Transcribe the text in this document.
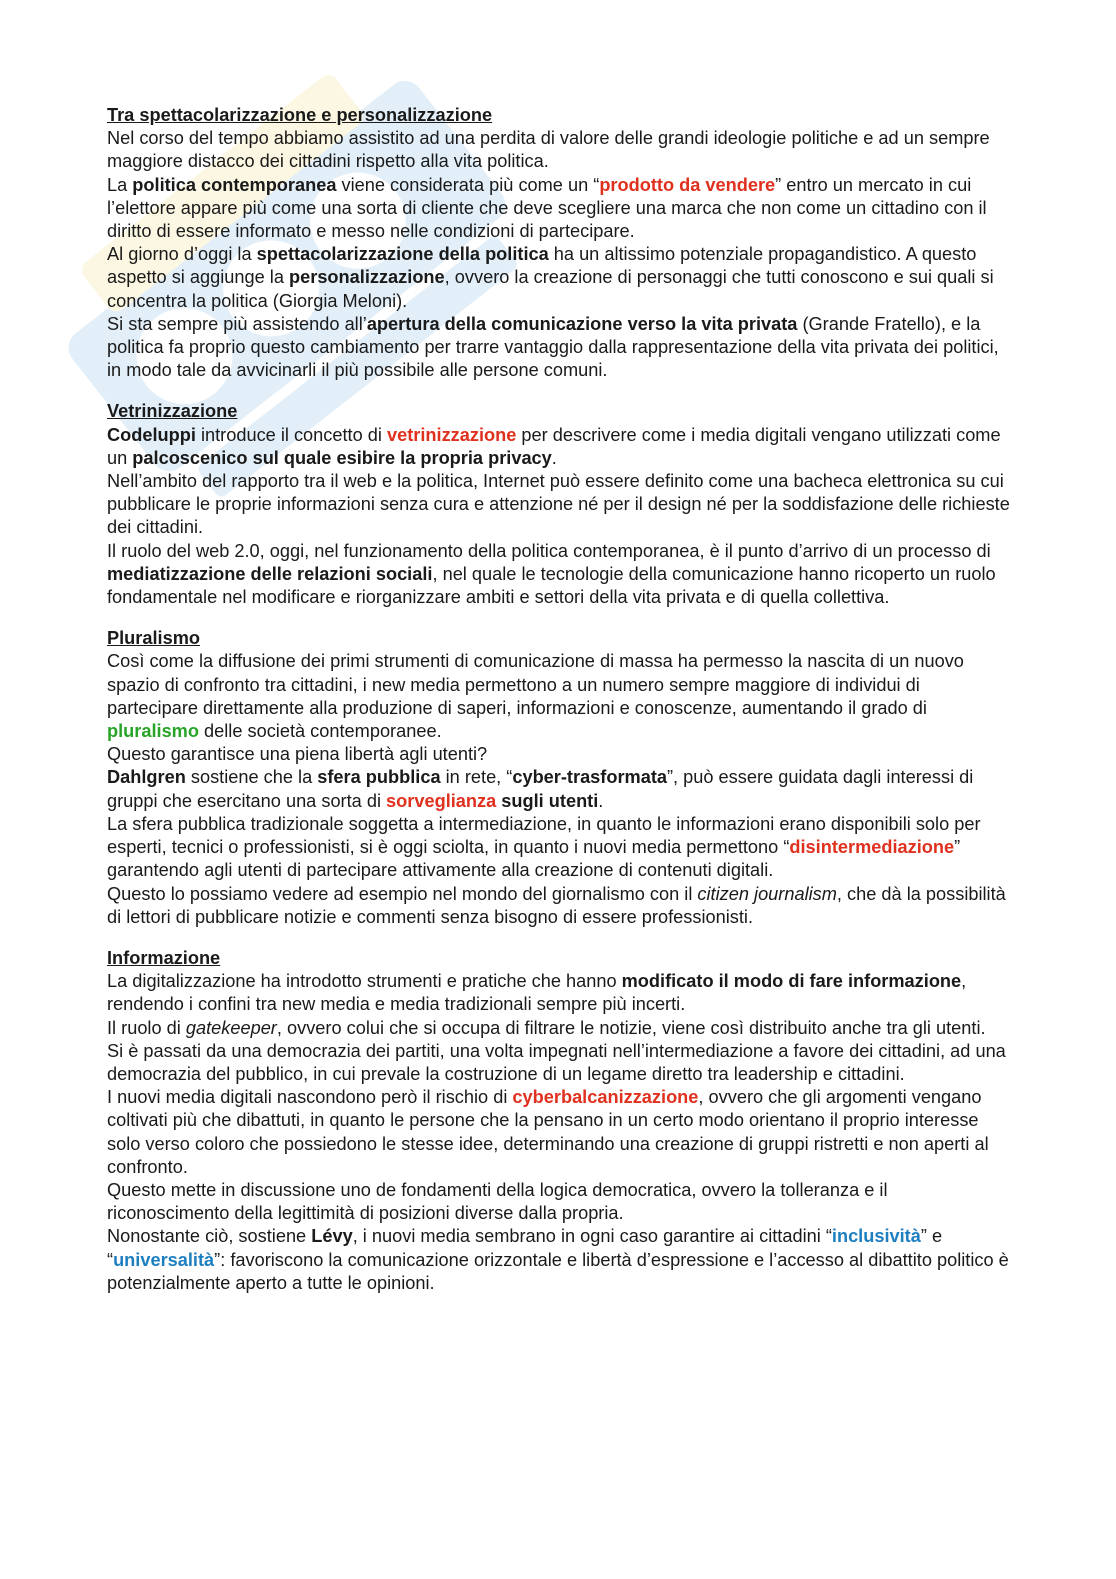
Tra spettacolarizzazione e personalizzazione
Nel corso del tempo abbiamo assistito ad una perdita di valore delle grandi ideologie politiche e ad un sempre maggiore distacco dei cittadini rispetto alla vita politica.
La politica contemporanea viene considerata più come un “prodotto da vendere” entro un mercato in cui l’elettore appare più come una sorta di cliente che deve scegliere una marca che non come un cittadino con il diritto di essere informato e messo nelle condizioni di partecipare.
Al giorno d’oggi la spettacolarizzazione della politica ha un altissimo potenziale propagandistico. A questo aspetto si aggiunge la personalizzazione, ovvero la creazione di personaggi che tutti conoscono e sui quali si concentra la politica (Giorgia Meloni).
Si sta sempre più assistendo all’apertura della comunicazione verso la vita privata (Grande Fratello), e la politica fa proprio questo cambiamento per trarre vantaggio dalla rappresentazione della vita privata dei politici, in modo tale da avvicinarli il più possibile alle persone comuni.
Vetrinizzazione
Codeluppi introduce il concetto di vetrinizzazione per descrivere come i media digitali vengano utilizzati come un palcoscenico sul quale esibire la propria privacy.
Nell’ambito del rapporto tra il web e la politica, Internet può essere definito come una bacheca elettronica su cui pubblicare le proprie informazioni senza cura e attenzione né per il design né per la soddisfazione delle richieste dei cittadini.
Il ruolo del web 2.0, oggi, nel funzionamento della politica contemporanea, è il punto d’arrivo di un processo di mediatizzazione delle relazioni sociali, nel quale le tecnologie della comunicazione hanno ricoperto un ruolo fondamentale nel modificare e riorganizzare ambiti e settori della vita privata e di quella collettiva.
Pluralismo
Così come la diffusione dei primi strumenti di comunicazione di massa ha permesso la nascita di un nuovo spazio di confronto tra cittadini, i new media permettono a un numero sempre maggiore di individui di partecipare direttamente alla produzione di saperi, informazioni e conoscenze, aumentando il grado di pluralismo delle società contemporanee.
Questo garantisce una piena libertà agli utenti?
Dahlgren sostiene che la sfera pubblica in rete, “cyber-trasformata”, può essere guidata dagli interessi di gruppi che esercitano una sorta di sorveglianza sugli utenti.
La sfera pubblica tradizionale soggetta a intermediazione, in quanto le informazioni erano disponibili solo per esperti, tecnici o professionisti, si è oggi sciolta, in quanto i nuovi media permettono “disintermediazione” garantendo agli utenti di partecipare attivamente alla creazione di contenuti digitali.
Questo lo possiamo vedere ad esempio nel mondo del giornalismo con il citizen journalism, che dà la possibilità di lettori di pubblicare notizie e commenti senza bisogno di essere professionisti.
Informazione
La digitalizzazione ha introdotto strumenti e pratiche che hanno modificato il modo di fare informazione, rendendo i confini tra new media e media tradizionali sempre più incerti.
Il ruolo di gatekeeper, ovvero colui che si occupa di filtrare le notizie, viene così distribuito anche tra gli utenti.
Si è passati da una democrazia dei partiti, una volta impegnati nell’intermediazione a favore dei cittadini, ad una democrazia del pubblico, in cui prevale la costruzione di un legame diretto tra leadership e cittadini.
I nuovi media digitali nascondono però il rischio di cyberbalcanizzazione, ovvero che gli argomenti vengano coltivati più che dibattuti, in quanto le persone che la pensano in un certo modo orientano il proprio interesse solo verso coloro che possiedono le stesse idee, determinando una creazione di gruppi ristretti e non aperti al confronto.
Questo mette in discussione uno de fondamenti della logica democratica, ovvero la tolleranza e il riconoscimento della legittimità di posizioni diverse dalla propria.
Nonostante ciò, sostiene Lévy, i nuovi media sembrano in ogni caso garantire ai cittadini “inclusività” e “universalità”: favoriscono la comunicazione orizzontale e libertà d’espressione e l’accesso al dibattito politico è potenzialmente aperto a tutte le opinioni.
